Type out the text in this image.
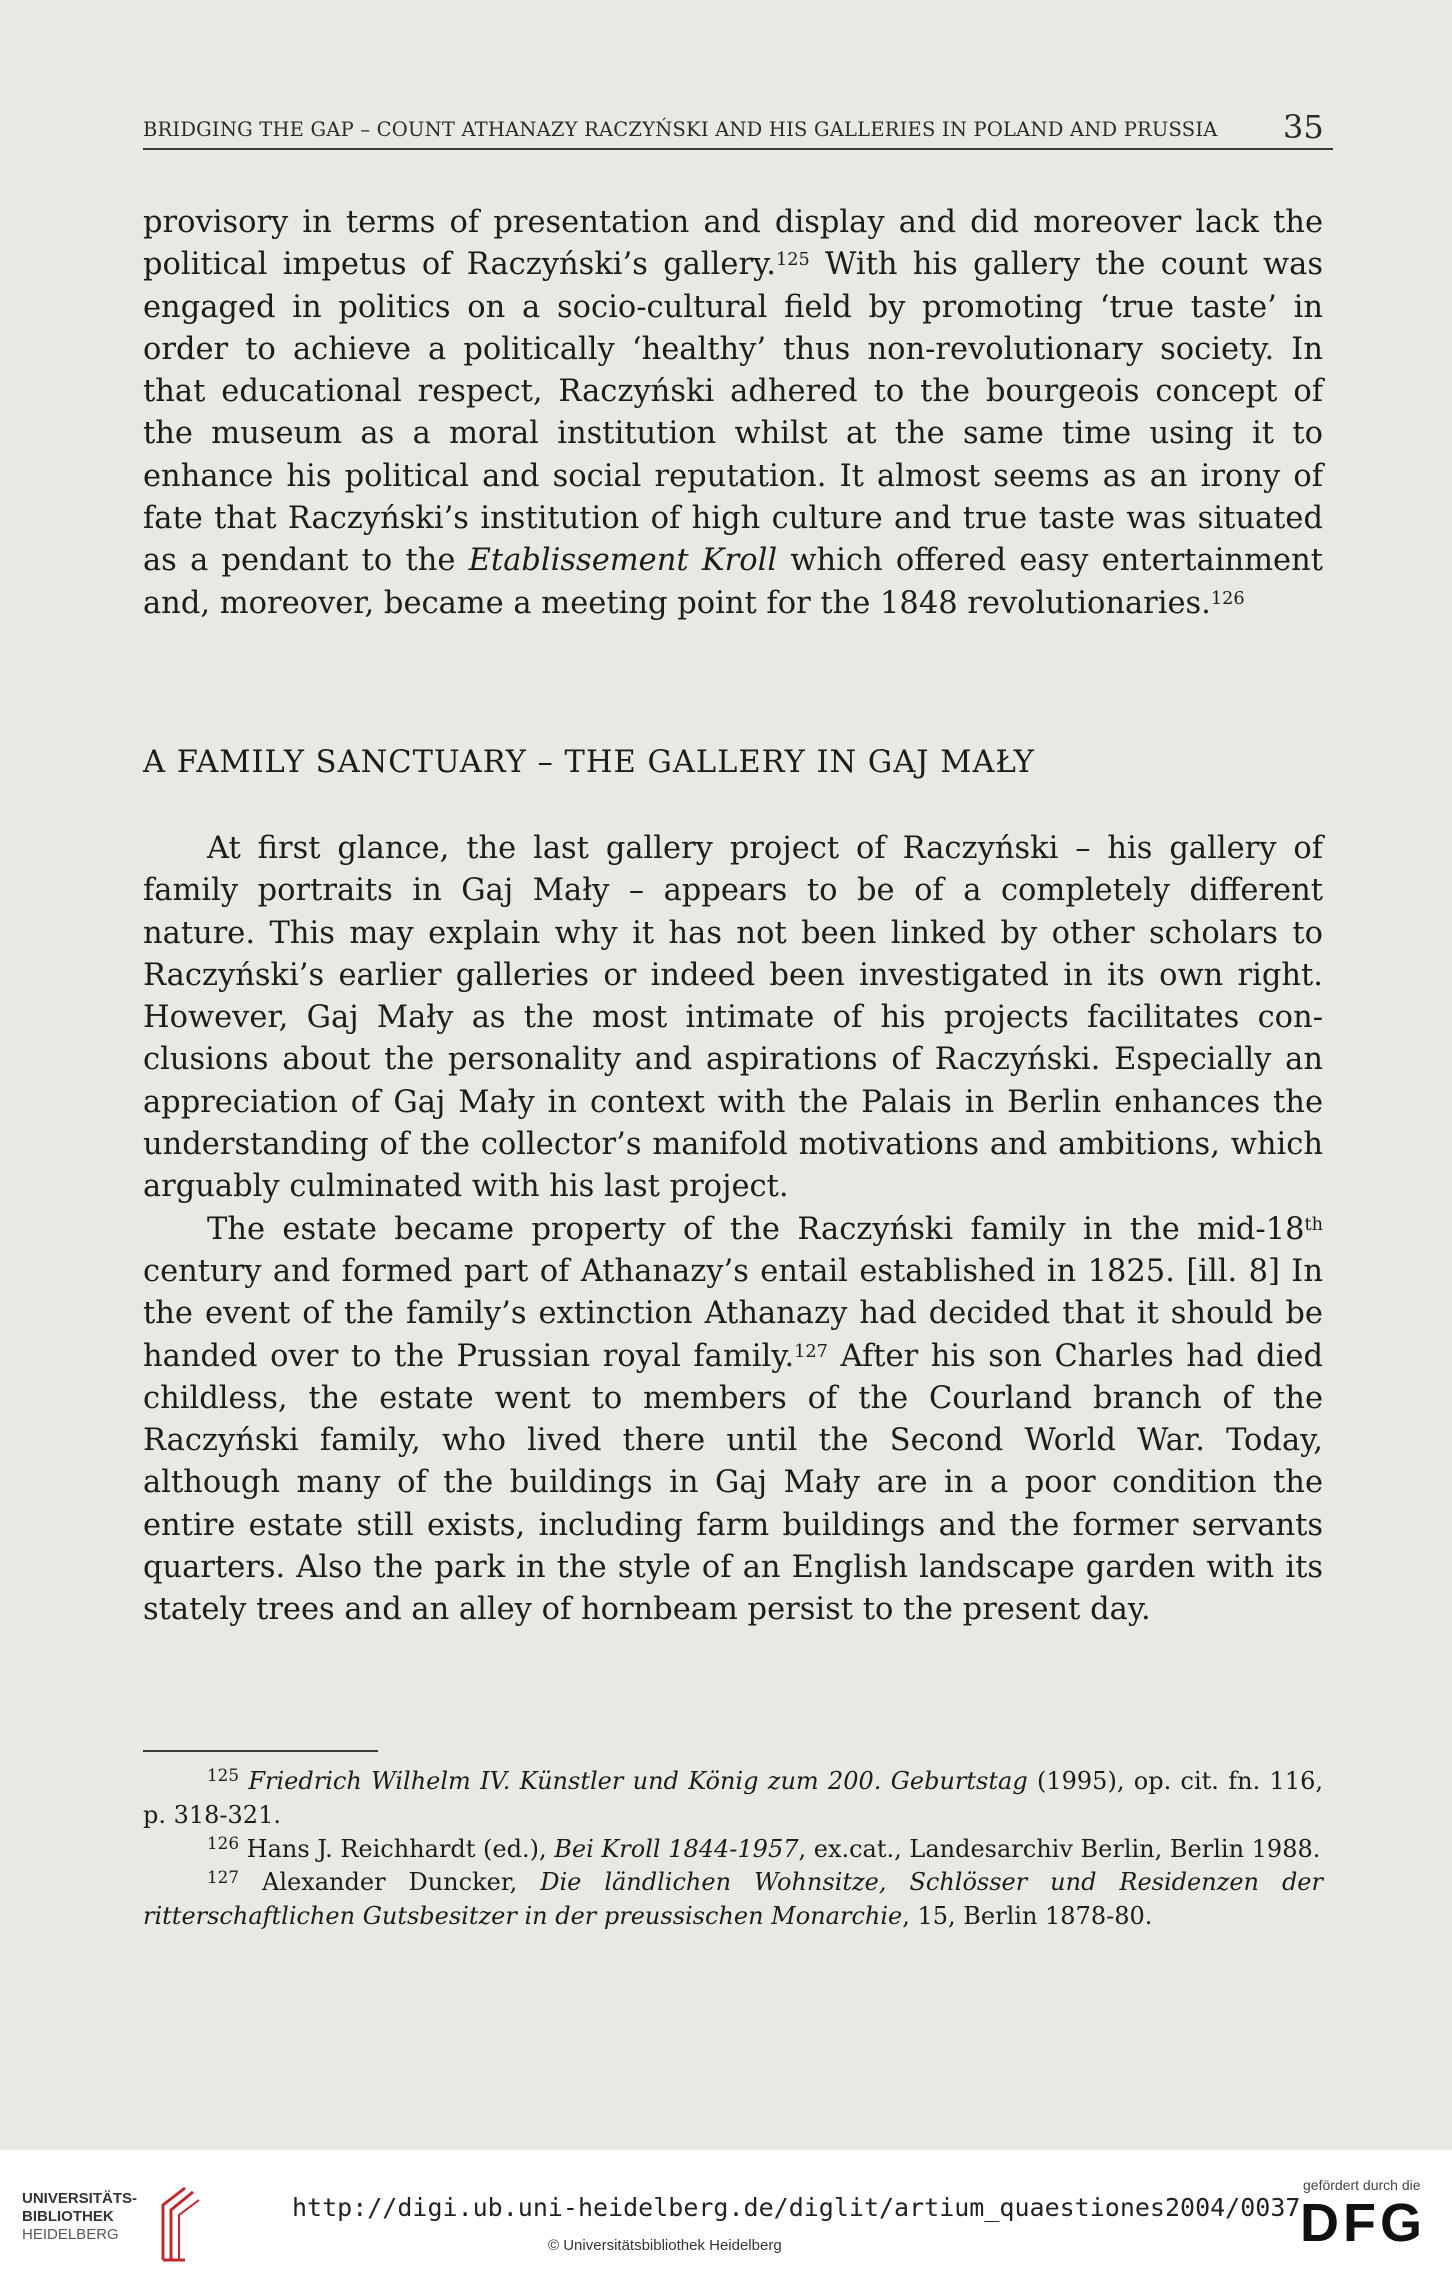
BRIDGING THE GAP – COUNT ATHANAZY RACZYŃSKI AND HIS GALLERIES IN POLAND AND PRUSSIA	35

provisory in terms of presentation and display and did moreover lack the political impetus of Raczyński’s gallery.$^{125}$ With his gallery the count was engaged in politics on a socio-cultural field by promoting ‘true taste’ in order to achieve a politically ‘healthy’ thus non-revolutionary society. In that educational respect, Raczyński adhered to the bourgeois concept of the museum as a moral institution whilst at the same time using it to enhance his political and social reputation. It almost seems as an irony of fate that Raczyński’s institution of high culture and true taste was situated as a pendant to the Etablissement Kroll which offered easy entertainment and, moreover, became a meeting point for the 1848 revolutionaries.$^{126}$

A FAMILY SANCTUARY – THE GALLERY IN GAJ MAŁY

At first glance, the last gallery project of Raczyński – his gallery of family portraits in Gaj Mały – appears to be of a completely different nature. This may explain why it has not been linked by other scholars to Raczyński’s earlier galleries or indeed been investigated in its own right. However, Gaj Mały as the most intimate of his projects facilitates conclusions about the personality and aspirations of Raczyński. Especially an appreciation of Gaj Mały in context with the Palais in Berlin enhances the understanding of the collector’s manifold motivations and ambitions, which arguably culminated with his last project.

The estate became property of the Raczyński family in the mid-18th century and formed part of Athanazy’s entail established in 1825. [ill. 8] In the event of the family’s extinction Athanazy had decided that it should be handed over to the Prussian royal family.$^{127}$ After his son Charles had died childless, the estate went to members of the Courland branch of the Raczyński family, who lived there until the Second World War. Today, although many of the buildings in Gaj Mały are in a poor condition the entire estate still exists, including farm buildings and the former servants quarters. Also the park in the style of an English landscape garden with its stately trees and an alley of hornbeam persist to the present day.

$^{125}$ Friedrich Wilhelm IV. Künstler und König zum 200. Geburtstag (1995), op. cit. fn. 116, p. 318-321.

$^{126}$ Hans J. Reichhardt (ed.), Bei Kroll 1844-1957, ex.cat., Landesarchiv Berlin, Berlin 1988.

$^{127}$ Alexander Duncker, Die ländlichen Wohnsitze, Schlösser und Residenzen der ritterschaftlichen Gutsbesitzer in der preussischen Monarchie, 15, Berlin 1878-80.

UNIVERSITÄTS-
BIBLIOTHEK
HEIDELBERG
http://digi.ub.uni-heidelberg.de/diglit/artium_quaestiones2004/0037
© Universitätsbibliothek Heidelberg
gefördert durch die
DFG
